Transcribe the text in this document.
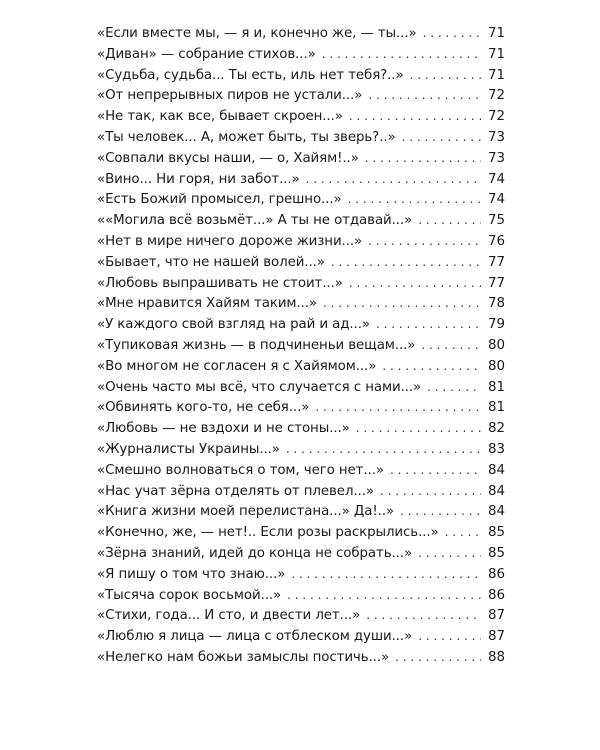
«Если вместе мы, — я и, конечно же, — ты...» . . .	71
«Диван» — собрание стихов...» . . .	71
«Судьба, судьба... Ты есть, иль нет тебя?..» . . .	71
«От непрерывных пиров не устали...» . . .	72
«Не так, как все, бывает скроен...» . . .	72
«Ты человек... А, может быть, ты зверь?..» . . .	73
«Совпали вкусы наши, — о, Хайям!..» . . .	73
«Вино... Ни горя, ни забот...» . . .	74
«Есть Божий промысел, грешно...» . . .	74
««Могила всё возьмёт...» А ты не отдавай...» . . .	75
«Нет в мире ничего дороже жизни...» . . .	76
«Бывает, что не нашей волей...» . . .	77
«Любовь выпрашивать не стоит...» . . .	77
«Мне нравится Хайям таким...» . . .	78
«У каждого свой взгляд на рай и ад...» . . .	79
«Тупиковая жизнь — в подчиненьи вещам...» . . .	80
«Во многом не согласен я с Хайямом...» . . .	80
«Очень часто мы всё, что случается с нами...» . . .	81
«Обвинять кого-то, не себя...» . . .	81
«Любовь — не вздохи и не стоны...» . . .	82
«Журналисты Украины...» . . .	83
«Смешно волноваться о том, чего нет...» . . .	84
«Нас учат зёрна отделять от плевел...» . . .	84
«Книга жизни моей перелистана...» Да!..» . . .	84
«Конечно, же, — нет!.. Если розы раскрылись...» . . .	85
«Зёрна знаний, идей до конца не собрать...» . . .	85
«Я пишу о том что знаю...» . . .	86
«Тысяча сорок восьмой...» . . .	86
«Стихи, года... И сто, и двести лет...» . . .	87
«Люблю я лица — лица с отблеском души...» . . .	87
«Нелегко нам божьи замыслы постичь...» . . .	88
